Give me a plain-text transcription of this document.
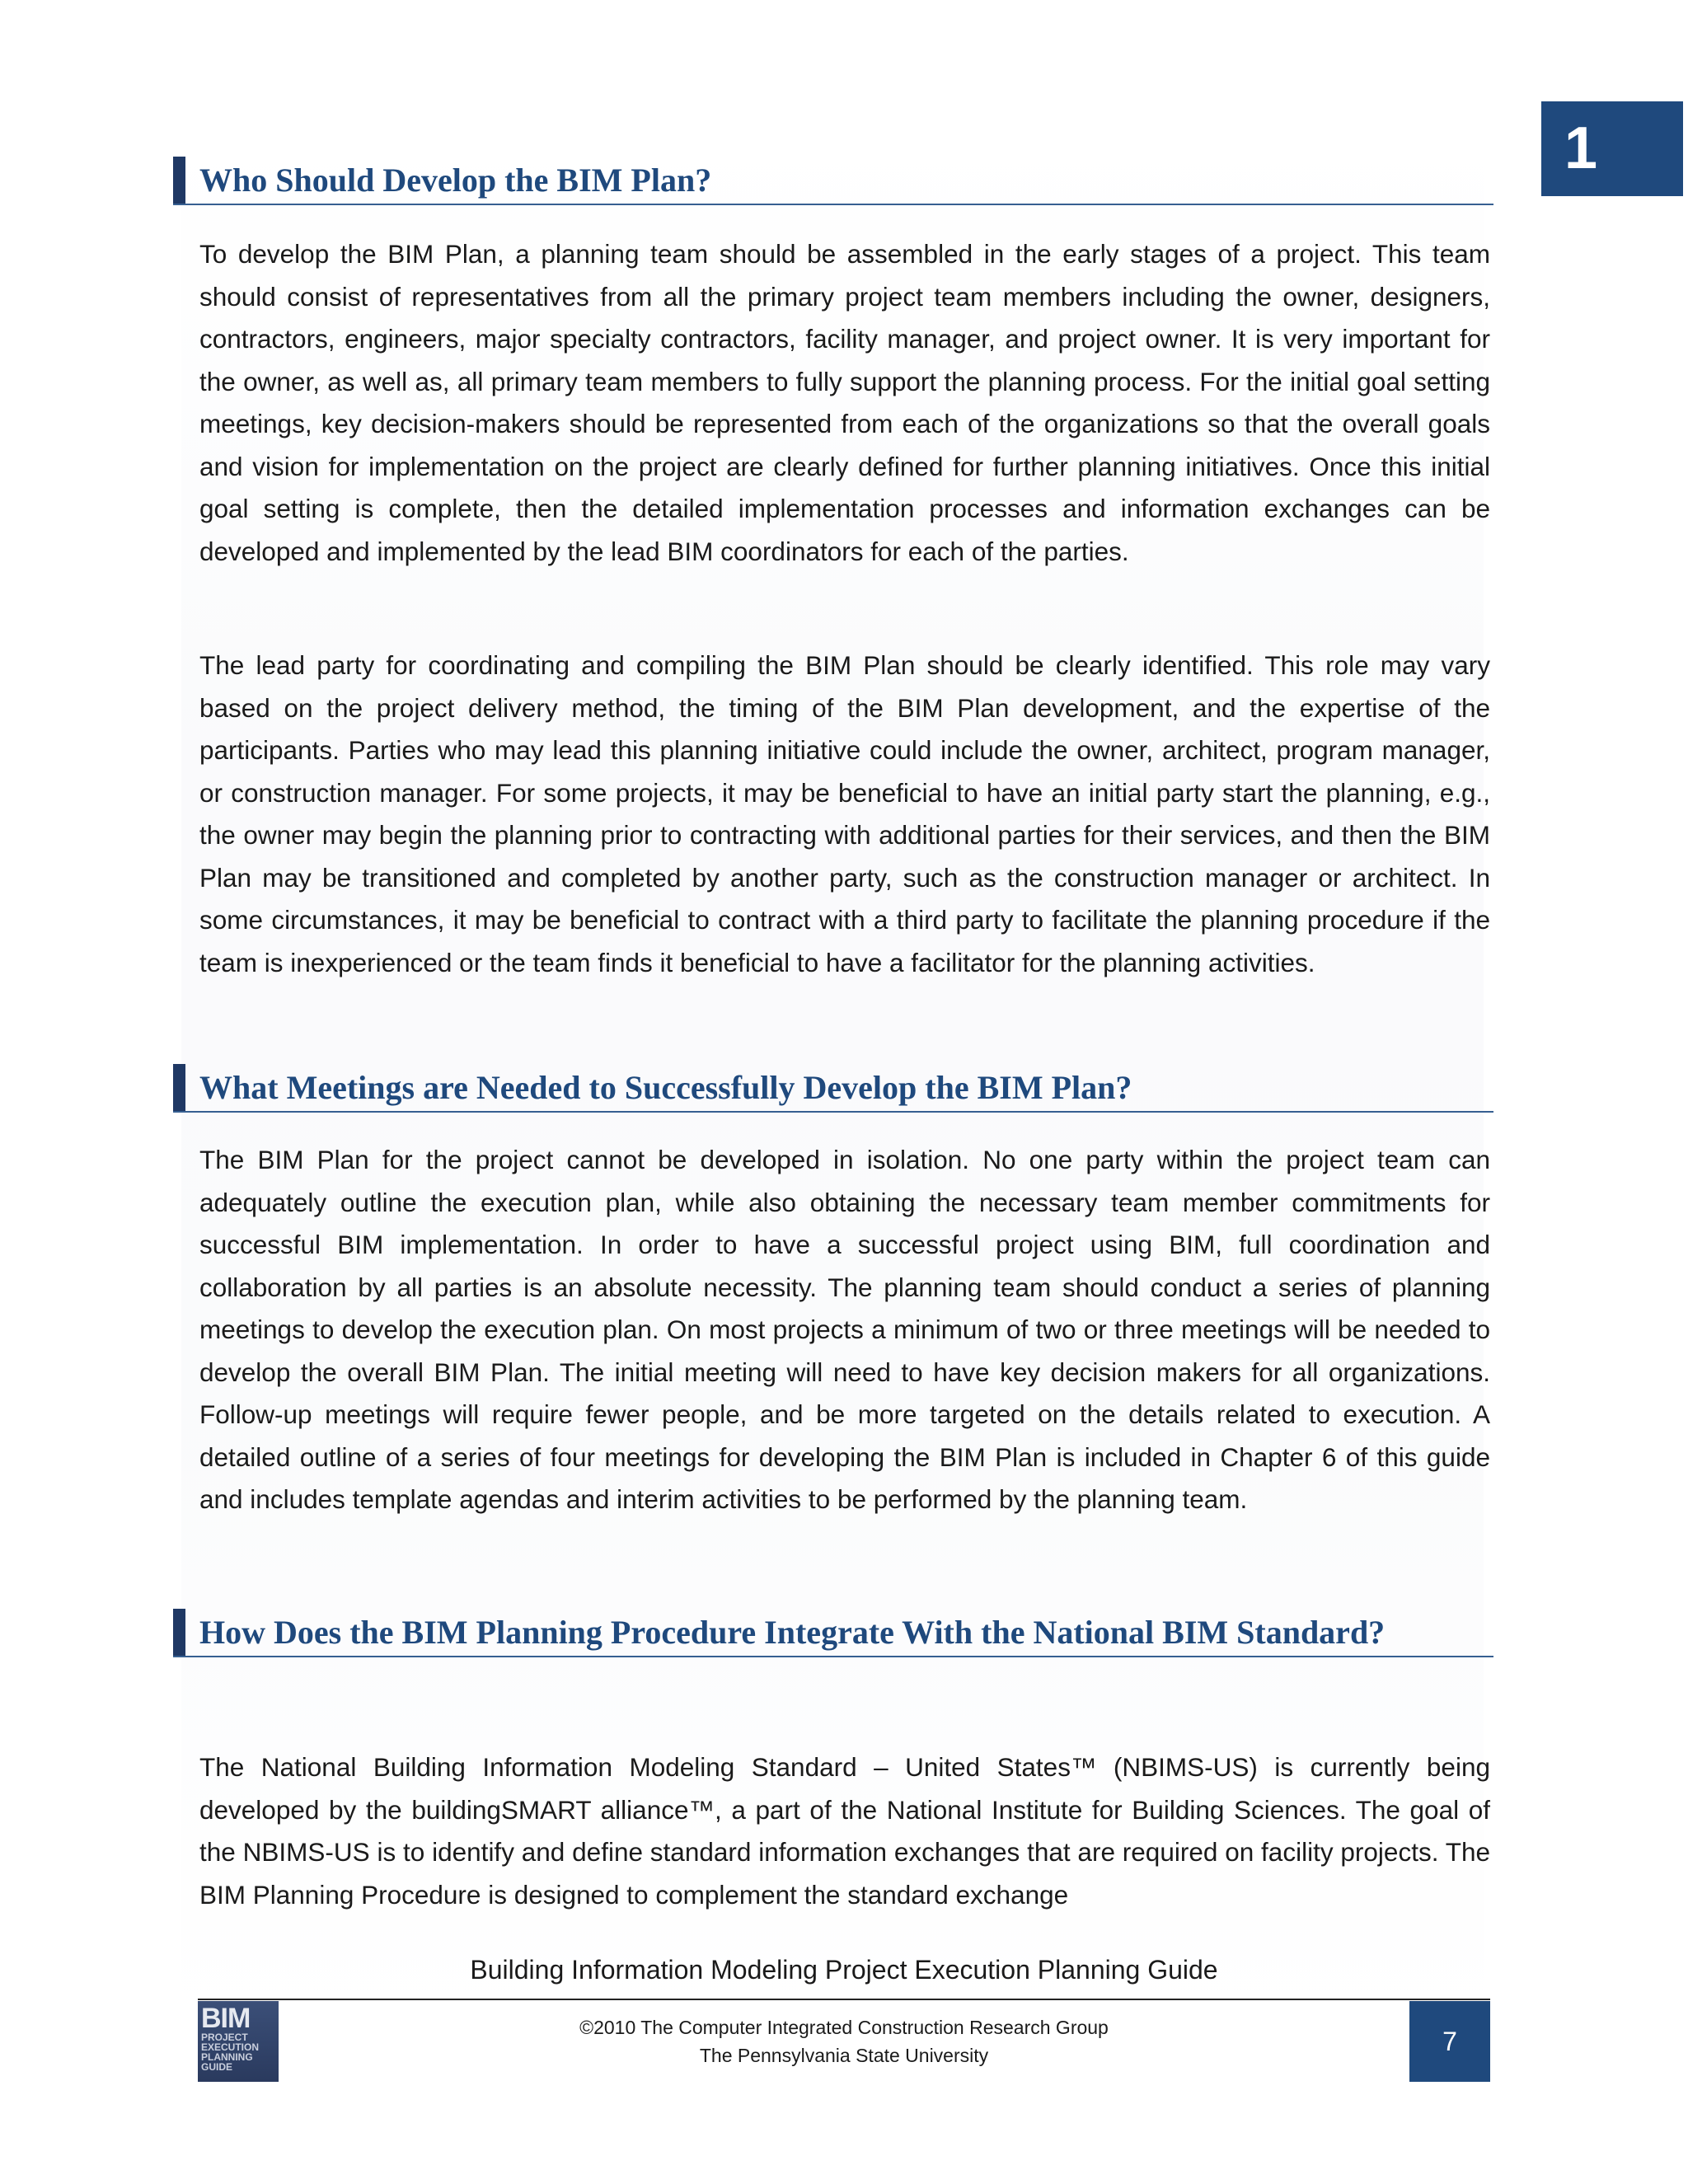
1
Who Should Develop the BIM Plan?

To develop the BIM Plan, a planning team should be assembled in the early stages of a project. This team should consist of representatives from all the primary project team members including the owner, designers, contractors, engineers, major specialty contractors, facility manager, and project owner. It is very important for the owner, as well as, all primary team members to fully support the planning process. For the initial goal setting meetings, key decision-makers should be represented from each of the organizations so that the overall goals and vision for implementation on the project are clearly defined for further planning initiatives. Once this initial goal setting is complete, then the detailed implementation processes and information exchanges can be developed and implemented by the lead BIM coordinators for each of the parties.

The lead party for coordinating and compiling the BIM Plan should be clearly identified. This role may vary based on the project delivery method, the timing of the BIM Plan development, and the expertise of the participants. Parties who may lead this planning initiative could include the owner, architect, program manager, or construction manager. For some projects, it may be beneficial to have an initial party start the planning, e.g., the owner may begin the planning prior to contracting with additional parties for their services, and then the BIM Plan may be transitioned and completed by another party, such as the construction manager or architect. In some circumstances, it may be beneficial to contract with a third party to facilitate the planning procedure if the team is inexperienced or the team finds it beneficial to have a facilitator for the planning activities.

What Meetings are Needed to Successfully Develop the BIM Plan?

The BIM Plan for the project cannot be developed in isolation. No one party within the project team can adequately outline the execution plan, while also obtaining the necessary team member commitments for successful BIM implementation. In order to have a successful project using BIM, full coordination and collaboration by all parties is an absolute necessity. The planning team should conduct a series of planning meetings to develop the execution plan. On most projects a minimum of two or three meetings will be needed to develop the overall BIM Plan. The initial meeting will need to have key decision makers for all organizations. Follow-up meetings will require fewer people, and be more targeted on the details related to execution. A detailed outline of a series of four meetings for developing the BIM Plan is included in Chapter 6 of this guide and includes template agendas and interim activities to be performed by the planning team.

How Does the BIM Planning Procedure Integrate With the National BIM Standard?

The National Building Information Modeling Standard – United States™ (NBIMS-US) is currently being developed by the buildingSMART alliance™, a part of the National Institute for Building Sciences. The goal of the NBIMS-US is to identify and define standard information exchanges that are required on facility projects. The BIM Planning Procedure is designed to complement the standard exchange

Building Information Modeling Project Execution Planning Guide
BIM
PROJECT
EXECUTION
PLANNING
GUIDE
©2010 The Computer Integrated Construction Research Group
The Pennsylvania State University	7
